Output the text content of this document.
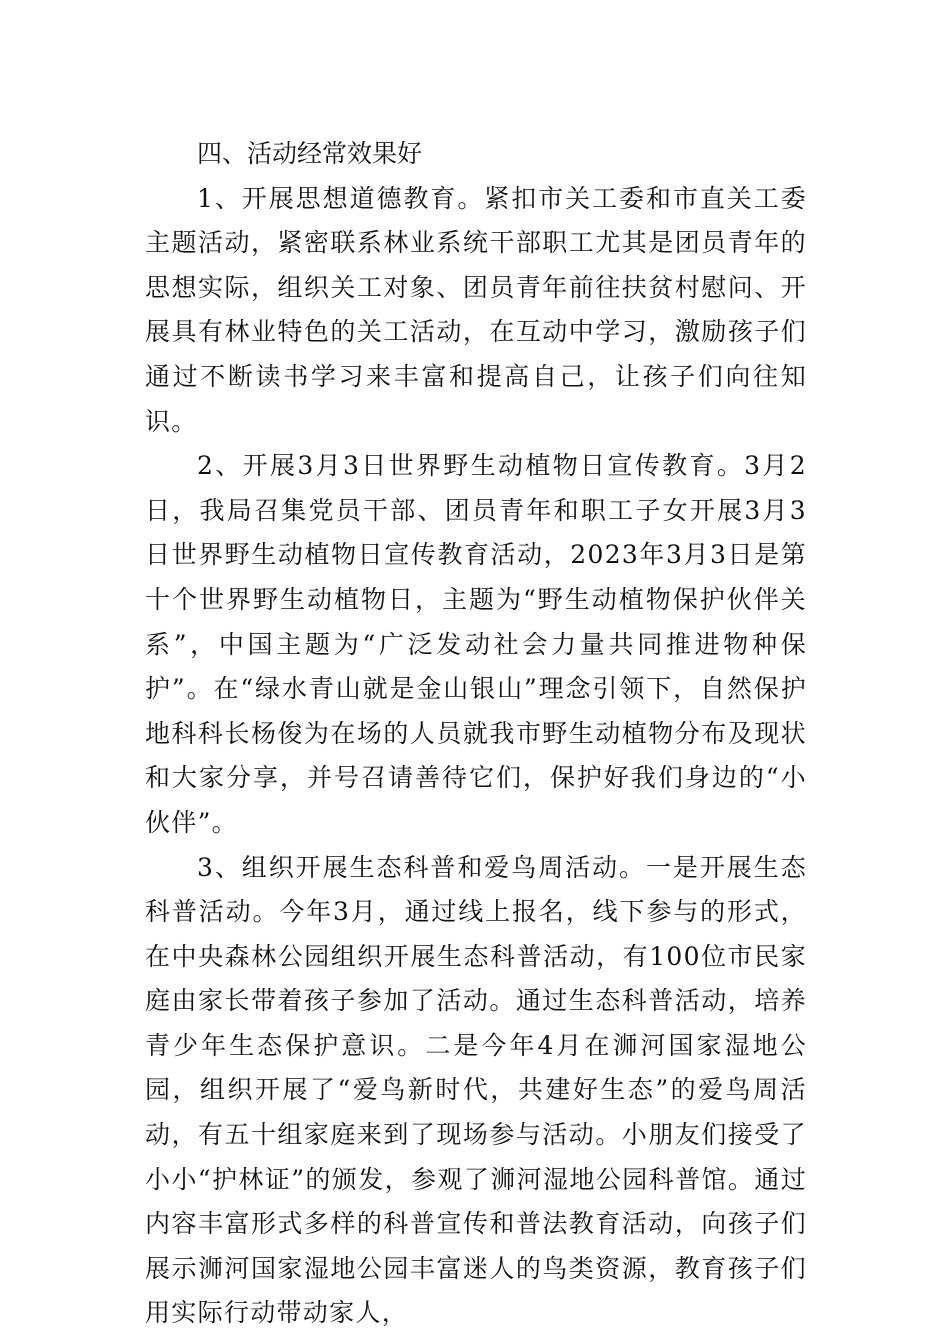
四、活动经常效果好

1、开展思想道德教育。紧扣市关工委和市直关工委主题活动，紧密联系林业系统干部职工尤其是团员青年的思想实际，组织关工对象、团员青年前往扶贫村慰问、开展具有林业特色的关工活动，在互动中学习，激励孩子们通过不断读书学习来丰富和提高自己，让孩子们向往知识。

2、开展3月3日世界野生动植物日宣传教育。3月2日，我局召集党员干部、团员青年和职工子女开展3月3日世界野生动植物日宣传教育活动，2023年3月3日是第十个世界野生动植物日，主题为“野生动植物保护伙伴关系”，中国主题为“广泛发动社会力量共同推进物种保护”。在“绿水青山就是金山银山”理念引领下，自然保护地科科长杨俊为在场的人员就我市野生动植物分布及现状和大家分享，并号召请善待它们，保护好我们身边的“小伙伴”。

3、组织开展生态科普和爱鸟周活动。一是开展生态科普活动。今年3月，通过线上报名，线下参与的形式，在中央森林公园组织开展生态科普活动，有100位市民家庭由家长带着孩子参加了活动。通过生态科普活动，培养青少年生态保护意识。二是今年4月在浉河国家湿地公园，组织开展了“爱鸟新时代，共建好生态”的爱鸟周活动，有五十组家庭来到了现场参与活动。小朋友们接受了小小“护林证”的颁发，参观了浉河湿地公园科普馆。通过内容丰富形式多样的科普宣传和普法教育活动，向孩子们展示浉河国家湿地公园丰富迷人的鸟类资源，教育孩子们用实际行动带动家人，
